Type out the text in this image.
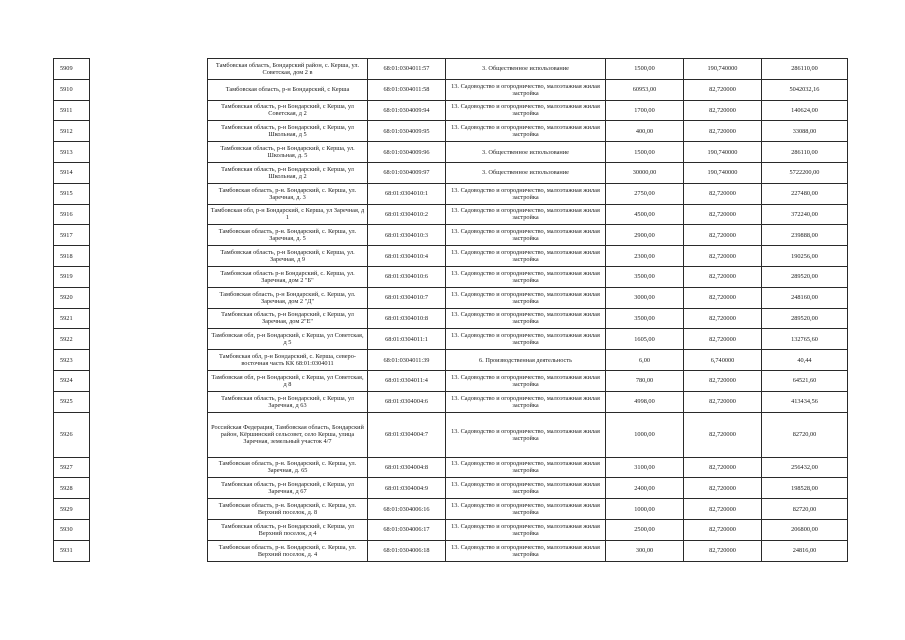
5909		Тамбовская область, Бондарский район, с. Керша, ул. Советская, дом 2 в	68:01:0304011:57	3. Общественное использование	1500,00	190,740000	286110,00
5910		Тамбовская область, р-н Бондарский, с Керша	68:01:0304011:58	13. Садоводство и огородничество, малоэтажная жилая застройка	60953,00	82,720000	5042032,16
5911		Тамбовская область, р-н Бондарский, с Керша, ул Советская, д 2	68:01:0304009:94	13. Садоводство и огородничество, малоэтажная жилая застройка	1700,00	82,720000	140624,00
5912		Тамбовская область, р-н Бондарский, с Керша, ул Школьная, д 5	68:01:0304009:95	13. Садоводство и огородничество, малоэтажная жилая застройка	400,00	82,720000	33088,00
5913		Тамбовская область, р-н Бондарский, с Керша, ул. Школьная, д. 5	68:01:0304009:96	3. Общественное использование	1500,00	190,740000	286110,00
5914		Тамбовская область, р-н Бондарский, с Керша, ул Школьная, д 2	68:01:0304009:97	3. Общественное использование	30000,00	190,740000	5722200,00
5915		Тамбовская область, р-н. Бондарский, с. Керша, ул. Заречная, д. 3	68:01:0304010:1	13. Садоводство и огородничество, малоэтажная жилая застройка	2750,00	82,720000	227480,00
5916		Тамбовская обл, р-н Бондарский, с Керша, ул Заречная, д 1	68:01:0304010:2	13. Садоводство и огородничество, малоэтажная жилая застройка	4500,00	82,720000	372240,00
5917		Тамбовская область, р-н. Бондарский, с. Керша, ул. Заречная, д. 5	68:01:0304010:3	13. Садоводство и огородничество, малоэтажная жилая застройка	2900,00	82,720000	239888,00
5918		Тамбовская область, р-н Бондарский, с Керша, ул. Заречная, д 9	68:01:0304010:4	13. Садоводство и огородничество, малоэтажная жилая застройка	2300,00	82,720000	190256,00
5919		Тамбовская область р-н Бондарский, с. Керша, ул. Заречная, дом 2 "Б"	68:01:0304010:6	13. Садоводство и огородничество, малоэтажная жилая застройка	3500,00	82,720000	289520,00
5920		Тамбовская область, р-н Бондарский, с. Керша, ул. Заречная, дом 2 "Д"	68:01:0304010:7	13. Садоводство и огородничество, малоэтажная жилая застройка	3000,00	82,720000	248160,00
5921		Тамбовская область, р-н Бондарский, с Керша, ул Заречная, дом 2"Е"	68:01:0304010:8	13. Садоводство и огородничество, малоэтажная жилая застройка	3500,00	82,720000	289520,00
5922		Тамбовская обл, р-н Бондарский, с Керша, ул Советская, д 5	68:01:0304011:1	13. Садоводство и огородничество, малоэтажная жилая застройка	1605,00	82,720000	132765,60
5923		Тамбовская обл, р-н Бондарский, с. Керша, северо-восточная часть КК 68:01:0304011	68:01:0304011:39	6. Производственная деятельность	6,00	6,740000	40,44
5924		Тамбовская обл, р-н Бондарский, с Керша, ул Советская, д 8	68:01:0304011:4	13. Садоводство и огородничество, малоэтажная жилая застройка	780,00	82,720000	64521,60
5925		Тамбовская область, р-н Бондарский, с Керша, ул Заречная, д 63	68:01:0304004:6	13. Садоводство и огородничество, малоэтажная жилая застройка	4998,00	82,720000	413434,56
5926		Российская Федерация, Тамбовская область, Бондарский район, Кёршинский сельсовет, село Керша, улица Заречная, земельный участок 4/7	68:01:0304004:7	13. Садоводство и огородничество, малоэтажная жилая застройка	1000,00	82,720000	82720,00
5927		Тамбовская область, р-н. Бондарский, с. Керша, ул. Заречная, д. 65	68:01:0304004:8	13. Садоводство и огородничество, малоэтажная жилая застройка	3100,00	82,720000	256432,00
5928		Тамбовская область, р-н Бондарский, с Керша, ул Заречная, д 67	68:01:0304004:9	13. Садоводство и огородничество, малоэтажная жилая застройка	2400,00	82,720000	198528,00
5929		Тамбовская область, р-н. Бондарский, с. Керша, ул. Верхний поселок, д. 8	68:01:0304006:16	13. Садоводство и огородничество, малоэтажная жилая застройка	1000,00	82,720000	82720,00
5930		Тамбовская область, р-н Бондарский, с Керша, ул Верхний поселок, д 4	68:01:0304006:17	13. Садоводство и огородничество, малоэтажная жилая застройка	2500,00	82,720000	206800,00
5931		Тамбовская область, р-н. Бондарский, с. Керша, ул. Верхний поселок, д. 4	68:01:0304006:18	13. Садоводство и огородничество, малоэтажная жилая застройка	300,00	82,720000	24816,00
